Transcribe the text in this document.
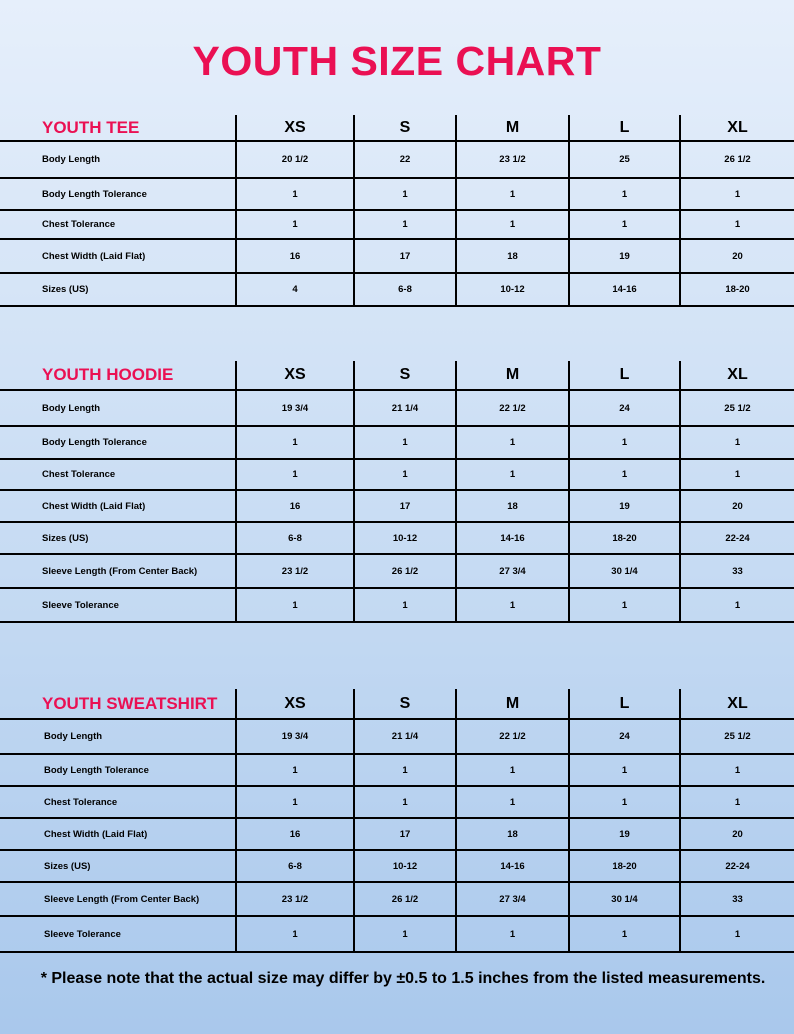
YOUTH SIZE CHART
YOUTH TEE	XS	S	M	L	XL
Body Length	20 1/2	22	23 1/2	25	26 1/2
Body Length Tolerance	1	1	1	1	1
Chest Tolerance	1	1	1	1	1
Chest Width (Laid Flat)	16	17	18	19	20
Sizes (US)	4	6-8	10-12	14-16	18-20
YOUTH HOODIE	XS	S	M	L	XL
Body Length	19 3/4	21 1/4	22 1/2	24	25 1/2
Body Length Tolerance	1	1	1	1	1
Chest Tolerance	1	1	1	1	1
Chest Width (Laid Flat)	16	17	18	19	20
Sizes (US)	6-8	10-12	14-16	18-20	22-24
Sleeve Length (From Center Back)	23 1/2	26 1/2	27 3/4	30 1/4	33
Sleeve Tolerance	1	1	1	1	1
YOUTH SWEATSHIRT	XS	S	M	L	XL
Body Length	19 3/4	21 1/4	22 1/2	24	25 1/2
Body Length Tolerance	1	1	1	1	1
Chest Tolerance	1	1	1	1	1
Chest Width (Laid Flat)	16	17	18	19	20
Sizes (US)	6-8	10-12	14-16	18-20	22-24
Sleeve Length (From Center Back)	23 1/2	26 1/2	27 3/4	30 1/4	33
Sleeve Tolerance	1	1	1	1	1
* Please note that the actual size may differ by ±0.5 to 1.5 inches from the listed measurements.
